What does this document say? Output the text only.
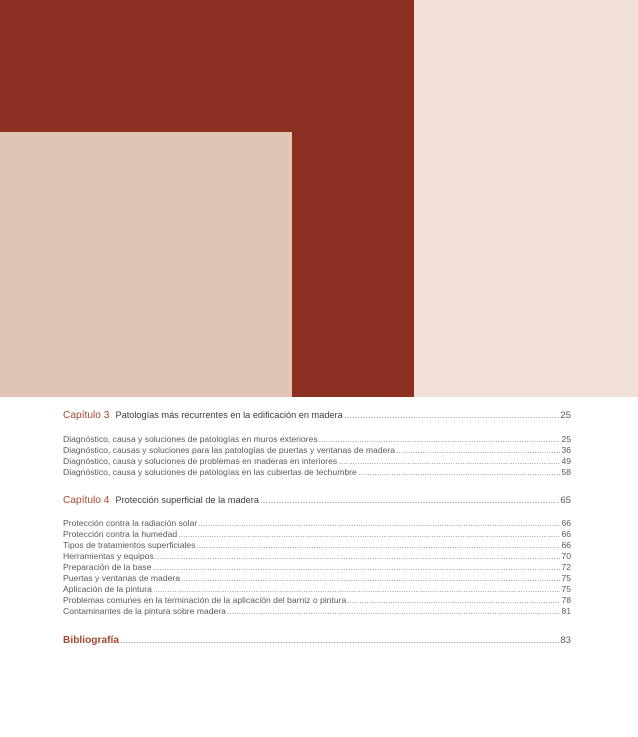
Capítulo 3 Patologías más recurrentes en la edificación en madera .....	25
Diagnóstico, causa y soluciones de patologías en muros exteriores .....	25
Diagnóstico, causas y soluciones para las patologías de puertas y ventanas de madera .....	36
Diagnóstico, causa y soluciones de problemas en maderas en interiores .....	49
Diagnóstico, causa y soluciones de patologías en las cubiertas de techumbre .....	58
Capítulo 4 Protección superficial de la madera .....	65
Protección contra la radiación solar .....	66
Protección contra la humedad .....	66
Tipos de tratamientos superficiales .....	66
Herramientas y equipos .....	70
Preparación de la base .....	72
Puertas y ventanas de madera .....	75
Aplicación de la pintura .....	75
Problemas comunes en la terminación de la aplicación del barniz o pintura .....	78
Contaminantes de la pintura sobre madera .....	81
Bibliografía .....	83
